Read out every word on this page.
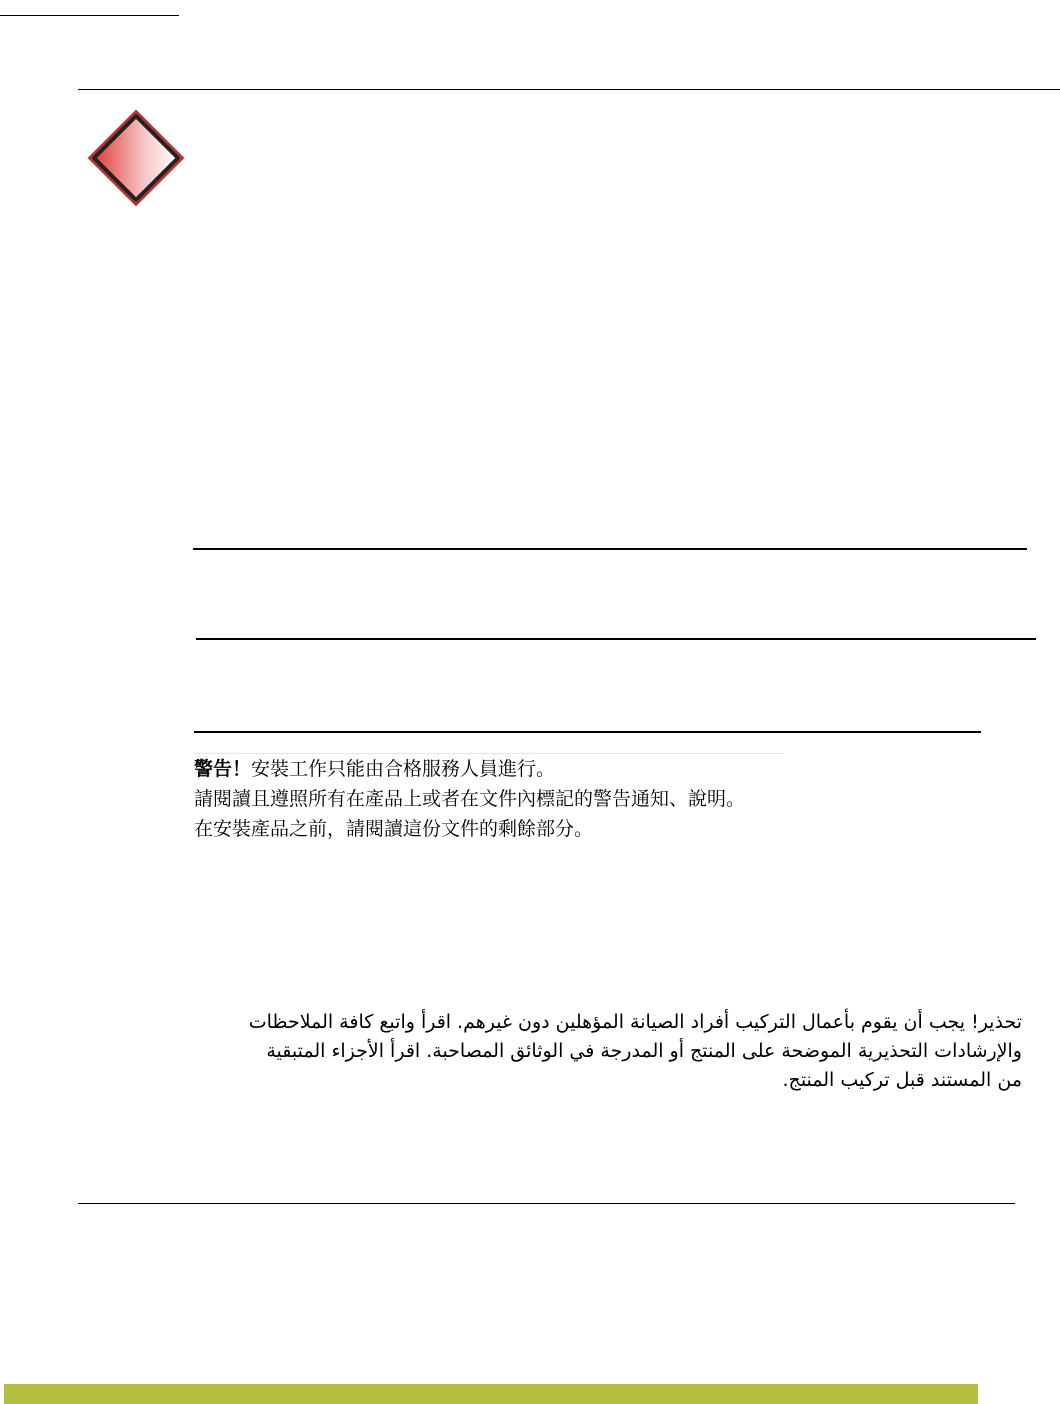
警告！安裝工作只能由合格服務人員進行。
請閱讀且遵照所有在產品上或者在文件內標記的警告通知、說明。
在安裝產品之前，請閱讀這份文件的剩餘部分。
تحذير! يجب أن يقوم بأعمال التركيب أفراد الصيانة المؤهلين دون غيرهم. اقرأ واتبع كافة الملاحظات والإرشادات التحذيرية الموضحة على المنتج أو المدرجة في الوثائق المصاحبة. اقرأ الأجزاء المتبقية من المستند قبل تركيب المنتج.
